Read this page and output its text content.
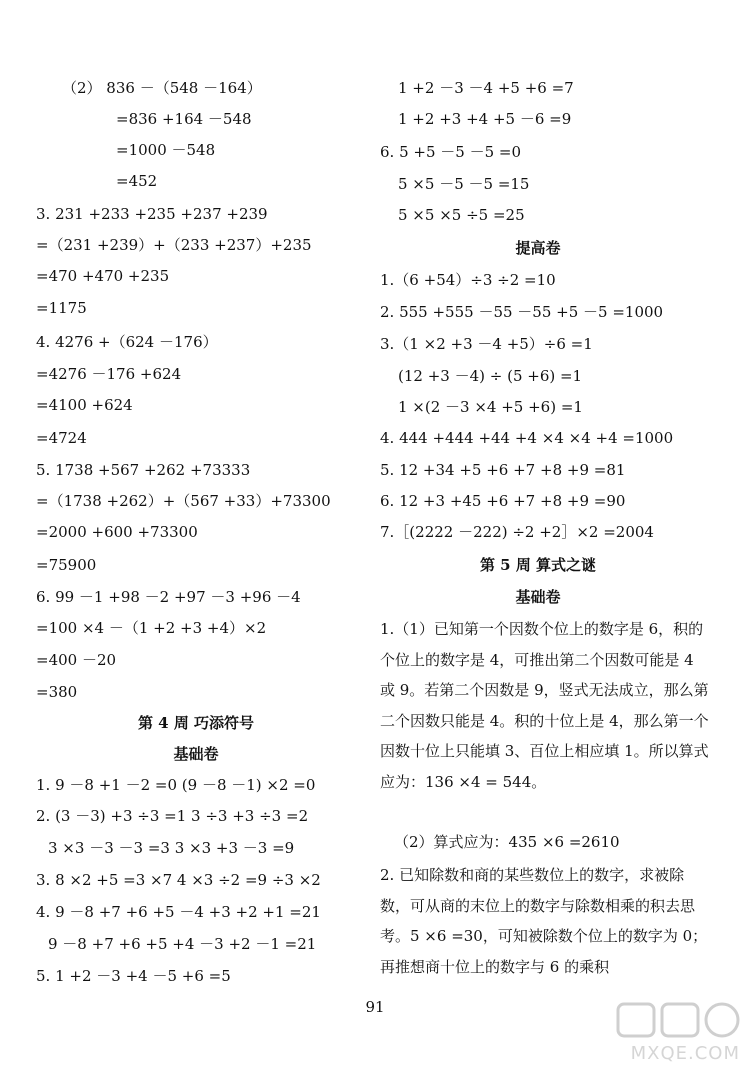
（2） 836 －（548 －164）
=836 +164 －548
=1000 －548
=452
3. 231 +233 +235 +237 +239
=（231 +239）+（233 +237）+235
=470 +470 +235
=1175
4. 4276 +（624 －176）
=4276 －176 +624
=4100 +624
=4724
5. 1738 +567 +262 +73333
=（1738 +262）+（567 +33）+73300
=2000 +600 +73300
=75900
6. 99 －1 +98 －2 +97 －3 +96 －4
=100 ×4 －（1 +2 +3 +4）×2
=400 －20
=380
第 4 周 巧添符号
基础卷
1. 9 －8 +1 －2 =0 (9 －8 －1) ×2 =0
2. (3 －3) +3 ÷3 =1 3 ÷3 +3 ÷3 =2
3 ×3 －3 －3 =3 3 ×3 +3 －3 =9
3. 8 ×2 +5 =3 ×7 4 ×3 ÷2 =9 ÷3 ×2
4. 9 －8 +7 +6 +5 －4 +3 +2 +1 =21
9 －8 +7 +6 +5 +4 －3 +2 －1 =21
5. 1 +2 －3 +4 －5 +6 =5
1 +2 －3 －4 +5 +6 =7
1 +2 +3 +4 +5 －6 =9
6. 5 +5 －5 －5 =0
5 ×5 －5 －5 =15
5 ×5 ×5 ÷5 =25
提高卷
1.（6 +54）÷3 ÷2 =10
2. 555 +555 －55 －55 +5 －5 =1000
3.（1 ×2 +3 －4 +5）÷6 =1
(12 +3 －4) ÷ (5 +6) =1
1 ×(2 －3 ×4 +5 +6) =1
4. 444 +444 +44 +4 ×4 ×4 +4 =1000
5. 12 +34 +5 +6 +7 +8 +9 =81
6. 12 +3 +45 +6 +7 +8 +9 =90
7.［(2222 －222) ÷2 +2］×2 =2004
第 5 周 算式之谜
基础卷
1.（1）已知第一个因数个位上的数字是 6，积的个位上的数字是 4，可推出第二个因数可能是 4 或 9。若第二个因数是 9，竖式无法成立，那么第二个因数只能是 4。积的十位上是 4，那么第一个因数十位上只能填 3、百位上相应填 1。所以算式应为：136 ×4 = 544。
（2）算式应为：435 ×6 =2610
2. 已知除数和商的某些数位上的数字，求被除数，可从商的末位上的数字与除数相乘的积去思考。5 ×6 =30，可知被除数个位上的数字为 0；再推想商十位上的数字与 6 的乘积
91
MXQE.COM
